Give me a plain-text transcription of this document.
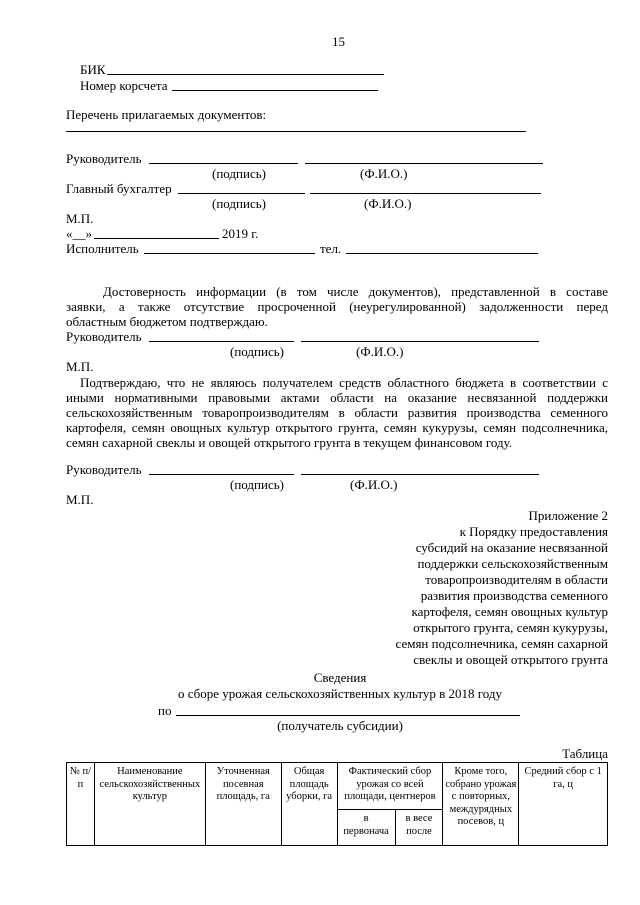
15
БИК
Номер корсчета
Перечень прилагаемых документов:
Руководитель
(подпись)	(Ф.И.О.)
Главный бухгалтер
(подпись)	(Ф.И.О.)
М.П.
«__»	2019 г.
Исполнитель	тел.
Достоверность информации (в том числе документов), представленной в составе
заявки, а также отсутствие просроченной (неурегулированной) задолженности перед
областным бюджетом подтверждаю.
Руководитель
(подпись)	(Ф.И.О.)
М.П.
Подтверждаю, что не являюсь получателем средств областного бюджета в соответствии с
иными нормативными правовыми актами области на оказание несвязанной поддержки
сельскохозяйственным товаропроизводителям в области развития производства семенного
картофеля, семян овощных культур открытого грунта, семян кукурузы, семян подсолнечника,
семян сахарной свеклы и овощей открытого грунта в текущем финансовом году.
Руководитель
(подпись)	(Ф.И.О.)
М.П.
Приложение 2
к Порядку предоставления
субсидий на оказание несвязанной
поддержки сельскохозяйственным
товаропроизводителям в области
развития производства семенного
картофеля, семян овощных культур
открытого грунта, семян кукурузы,
семян подсолнечника, семян сахарной
свеклы и овощей открытого грунта
Сведения
о сборе урожая сельскохозяйственных культур в 2018 году
по
(получатель субсидии)
Таблица
№ п/п	Наименование сельскохозяйственных культур	Уточненная посевная площадь, га	Общая площадь уборки, га	Фактический сбор урожая со всей площади, центнеров		Кроме того, собрано урожая с повторных, междурядных посевов, ц	Средний сбор с 1 га, ц
				в первонача	в весе после		
